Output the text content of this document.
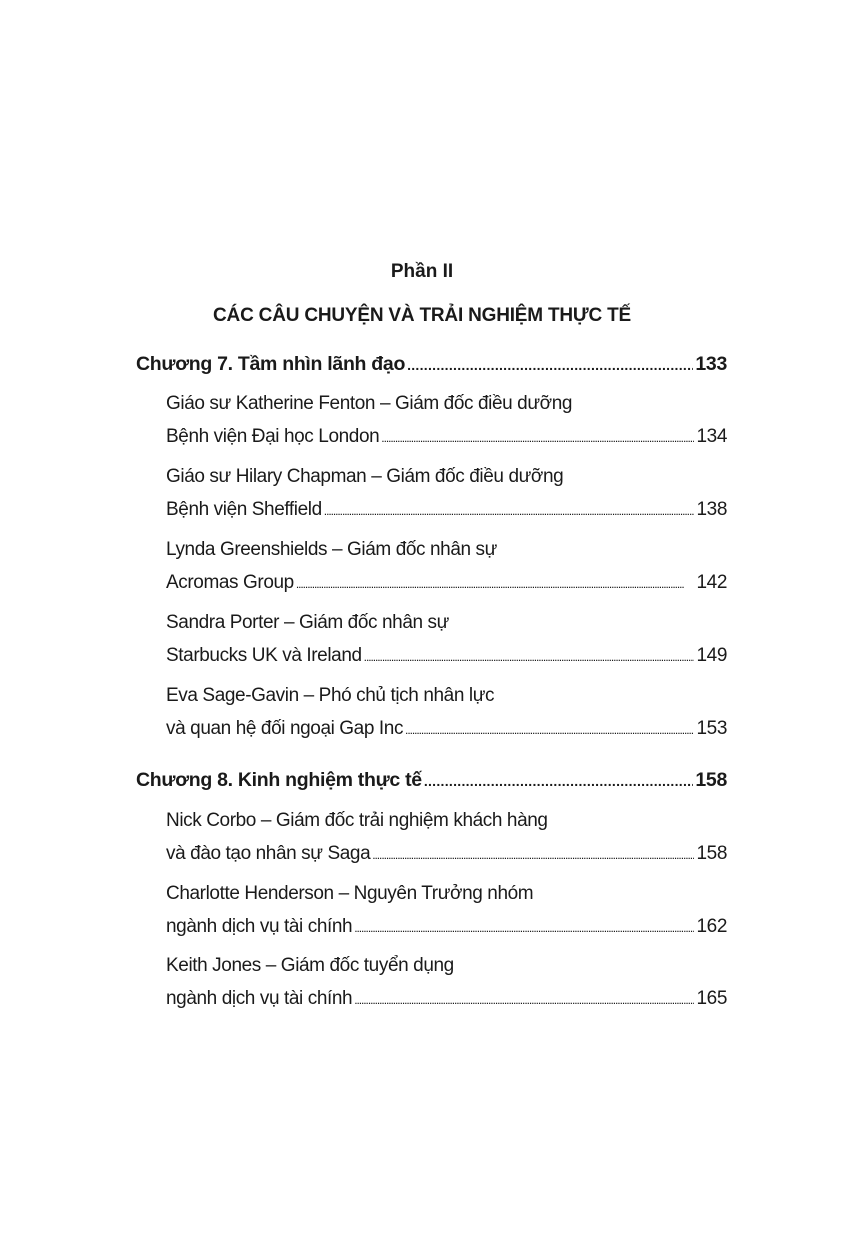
Phần II
CÁC CÂU CHUYỆN VÀ TRẢI NGHIỆM THỰC TẾ
Chương 7. Tầm nhìn lãnh đạo . . .	133
Giáo sư Katherine Fenton – Giám đốc điều dưỡng
Bệnh viện Đại học London . . .	134
Giáo sư Hilary Chapman – Giám đốc điều dưỡng
Bệnh viện Sheffield . . .	138
Lynda Greenshields – Giám đốc nhân sự
Acromas Group . . .	142
Sandra Porter – Giám đốc nhân sự
Starbucks UK và Ireland . . .	149
Eva Sage-Gavin – Phó chủ tịch nhân lực
và quan hệ đối ngoại Gap Inc . . .	153
Chương 8. Kinh nghiệm thực tế . . .	158
Nick Corbo – Giám đốc trải nghiệm khách hàng
và đào tạo nhân sự Saga . . .	158
Charlotte Henderson – Nguyên Trưởng nhóm
ngành dịch vụ tài chính . . .	162
Keith Jones – Giám đốc tuyển dụng
ngành dịch vụ tài chính . . .	165
